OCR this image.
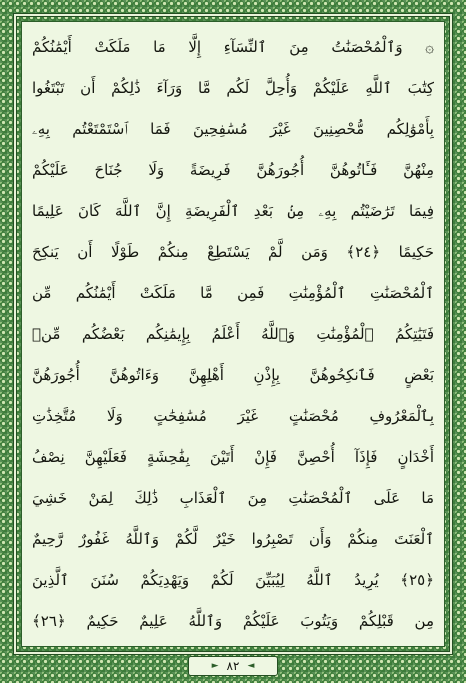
۞ وَٱلْمُحْصَنَٰتُ مِنَ ٱلنِّسَآءِ إِلَّا مَا مَلَكَتْ أَيْمَٰنُكُمْ
كِتَٰبَ ٱللَّهِ عَلَيْكُمْ وَأُحِلَّ لَكُم مَّا وَرَآءَ ذَٰلِكُمْ أَن تَبْتَغُوا
بِأَمْوَٰلِكُم مُّحْصِنِينَ غَيْرَ مُسَٰفِحِينَ فَمَا ٱسْتَمْتَعْتُم بِهِۦ
مِنْهُنَّ فَـَٔاتُوهُنَّ أُجُورَهُنَّ فَرِيضَةً وَلَا جُنَاحَ عَلَيْكُمْ
فِيمَا تَرَٰضَيْتُم بِهِۦ مِنۢ بَعْدِ ٱلْفَرِيضَةِ إِنَّ ٱللَّهَ كَانَ عَلِيمًا
حَكِيمًا ﴿٢٤﴾ وَمَن لَّمْ يَسْتَطِعْ مِنكُمْ طَوْلًا أَن يَنكِحَ
ٱلْمُحْصَنَٰتِ ٱلْمُؤْمِنَٰتِ فَمِن مَّا مَلَكَتْ أَيْمَٰنُكُم مِّن
فَتَيَٰتِكُمُ ٱلْمُؤْمِنَٰتِ وَٱللَّهُ أَعْلَمُ بِإِيمَٰنِكُم بَعْضُكُم مِّنۢ
بَعْضٍ فَٱنكِحُوهُنَّ بِإِذْنِ أَهْلِهِنَّ وَءَاتُوهُنَّ أُجُورَهُنَّ
بِٱلْمَعْرُوفِ مُحْصَنَٰتٍ غَيْرَ مُسَٰفِحَٰتٍ وَلَا مُتَّخِذَٰتِ
أَخْدَانٍ فَإِذَآ أُحْصِنَّ فَإِنْ أَتَيْنَ بِفَٰحِشَةٍ فَعَلَيْهِنَّ نِصْفُ
مَا عَلَى ٱلْمُحْصَنَٰتِ مِنَ ٱلْعَذَابِ ذَٰلِكَ لِمَنْ خَشِيَ
ٱلْعَنَتَ مِنكُمْ وَأَن تَصْبِرُوا خَيْرٌ لَّكُمْ وَٱللَّهُ غَفُورٌ رَّحِيمٌ
﴿٢٥﴾ يُرِيدُ ٱللَّهُ لِيُبَيِّنَ لَكُمْ وَيَهْدِيَكُمْ سُنَنَ ٱلَّذِينَ
مِن قَبْلِكُمْ وَيَتُوبَ عَلَيْكُمْ وَٱللَّهُ عَلِيمٌ حَكِيمٌ ﴿٢٦﴾
► ٨٢ ◄
